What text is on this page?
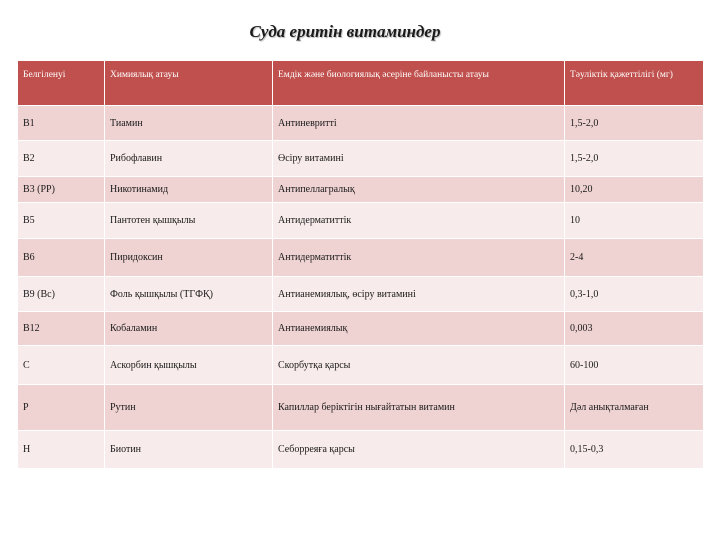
Суда еритін витаминдер
Белгіленуі	Химиялық атауы	Емдік және биологиялық әсеріне байланысты атауы	Тәуліктік қажеттілігі (мг)
B1	Тиамин	Антиневритті	1,5-2,0
B2	Рибофлавин	Өсіру витамині	1,5-2,0
B3 (PP)	Никотинамид	Антипеллагралық	10,20
B5	Пантотен қышқылы	Антидерматиттік	10
B6	Пиридоксин	Антидерматиттік	2-4
B9 (Bc)	Фоль қышқылы (ТГФҚ)	Антианемиялық, өсіру витамині	0,3-1,0
B12	Кобаламин	Антианемиялық	0,003
C	Аскорбин қышқылы	Скорбутқа қарсы	60-100
P	Рутин	Капиллар беріктігін нығайтатын витамин	Дәл анықталмаған
H	Биотин	Себорреяға қарсы	0,15-0,3
